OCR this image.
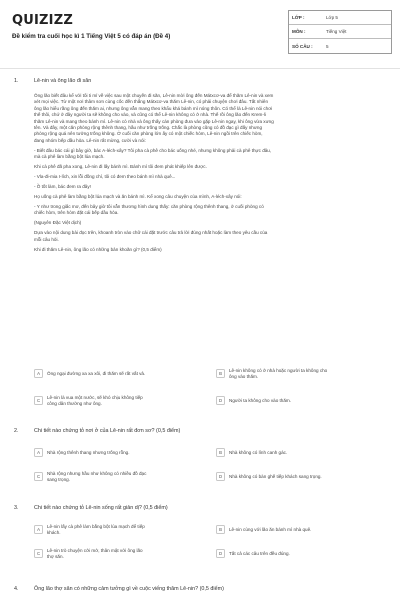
QUIZIZZ
Đề kiểm tra cuối học kì 1 Tiếng Việt 5 có đáp án (Đề 4)
LỚP :	Lớp 5
MÔN :	Tiếng Việt
SỐ CÂU :	5
1.	Lê-nin và ông lão đi săn
Ông lão biết đâu kể với tôi ti mỉ về việc sau một chuyến đi săn, Lê-nin mời ông đến Mátxcơ-va để thăm Lê-nin và xem
xét mọi việc. Từ một nơi thâm sơn cùng cốc đến thẳng Mátxcơ-va thăm Lê-nin, có phải chuyện chơi đâu. Tất nhiên
ông lão hiểu rằng ông đến thăm ai, nhưng ông vẫn mang theo khẩu khá bánh mì nóng thôn. Có thể là Lê-nin nói chơi
thế thôi, chứ ở đây người ta sẽ không cho vào, và cũng có thể Lê-nin không có ở nhà. Thế rồi ông lão đến Krem-li
thăm Lê-nin và mang theo bánh mì. Lê-nin có nhà và ông thấy cán phòng đưa vào gặp Lê-nin ngay, khi ông vừa xưng
tên. Và đây, một căn phòng rộng thênh thang, hầu như trống trống. Chắc là phòng cũng có đồ đạc gì đấy nhưng
phòng rộng quá nên tưởng trống không. Ở cuối căn phòng lớn ấy có một chiếc hòm, Lê-nin ngồi trên chiếc hòm,
đang nhóm bếp dầu hỏa. Lê-nin rất mừng, cười và nói:
- Biết đâu bác cái gì bây giờ, bác A-léch-xây? Tôi pha cà phê cho bác uống nhé, nhưng không phải cà phê thực đâu,
mà cà phê làm bằng bột lúa mạch.
Khi cà phê đã pha xong, Lê-nin đi lấy bánh mì. Bánh mì tôi đem phát khiếp lên được.
- Vla-đi-mia I-lích, xin lỗi đồng chí, tôi có đem theo bánh mì nhà quê...
- Ồ tốt làm, bác đem ra đây!
Họ uống cà phê làm bằng bột lúa mạch và ăn bánh mì. Kể xong câu chuyện của mình, A-léch-xây nói:
- Y như trong giấc mơ, đến bây giờ tôi vẫn thương hình dung thấy: căn phòng rộng thênh thang, ở cuối phòng có
chiếc hòm, trên hòm đặt cái bếp dầu hỏa.
(Nguyên Đặc Việt dịch)
Dựa vào nội dung bài đọc trên, khoanh tròn vào chữ cái đặt trước câu trả lời đúng nhất hoặc làm theo yêu cầu của
mỗi câu hỏi.
Khi đi thăm Lê-nin, ông lão có những bản khoăn gì? (0,5 điểm)
A	Ông ngại đường xa xa xôi, đi thăm sẽ rất vất vả.	B
Lê-nin không có ở nhà hoặc người ta không cho
ông vào thăm.
C
Lê-nin là vua một nước, sẽ khó chịu không tiếp
công dân thường như ông.	D	Người ta không cho vào thăm.
2.	Chi tiết nào chứng tỏ nơi ở của Lê-nin rất đơn sơ? (0,5 điểm)
A	Nhà rộng thênh thang nhưng trống rỗng.	B	Nhà không có lính canh gác.
C
Nhà rộng nhưng hầu như không có nhiều đồ đạc
sang trọng.	D	Nhà không có bàn ghế tiếp khách sang trọng.
3.	Chi tiết nào chứng tỏ Lê-nin sống rất giản dị? (0,5 điểm)
A
Lê-nin lấy cà phê làm bằng bột lúa mạch để tiếp
khách.	B	Lê-nin cùng với lão ăn bánh mì nhà quê.
C
Lê-nin trò chuyện cởi mở, thân mật với ông lão
thợ săn.	D	Tất cả các câu trên đều đúng.
4.	Ông lão thợ săn có những cảm tưởng gì về cuộc viếng thăm Lê-nin? (0,5 điểm)
